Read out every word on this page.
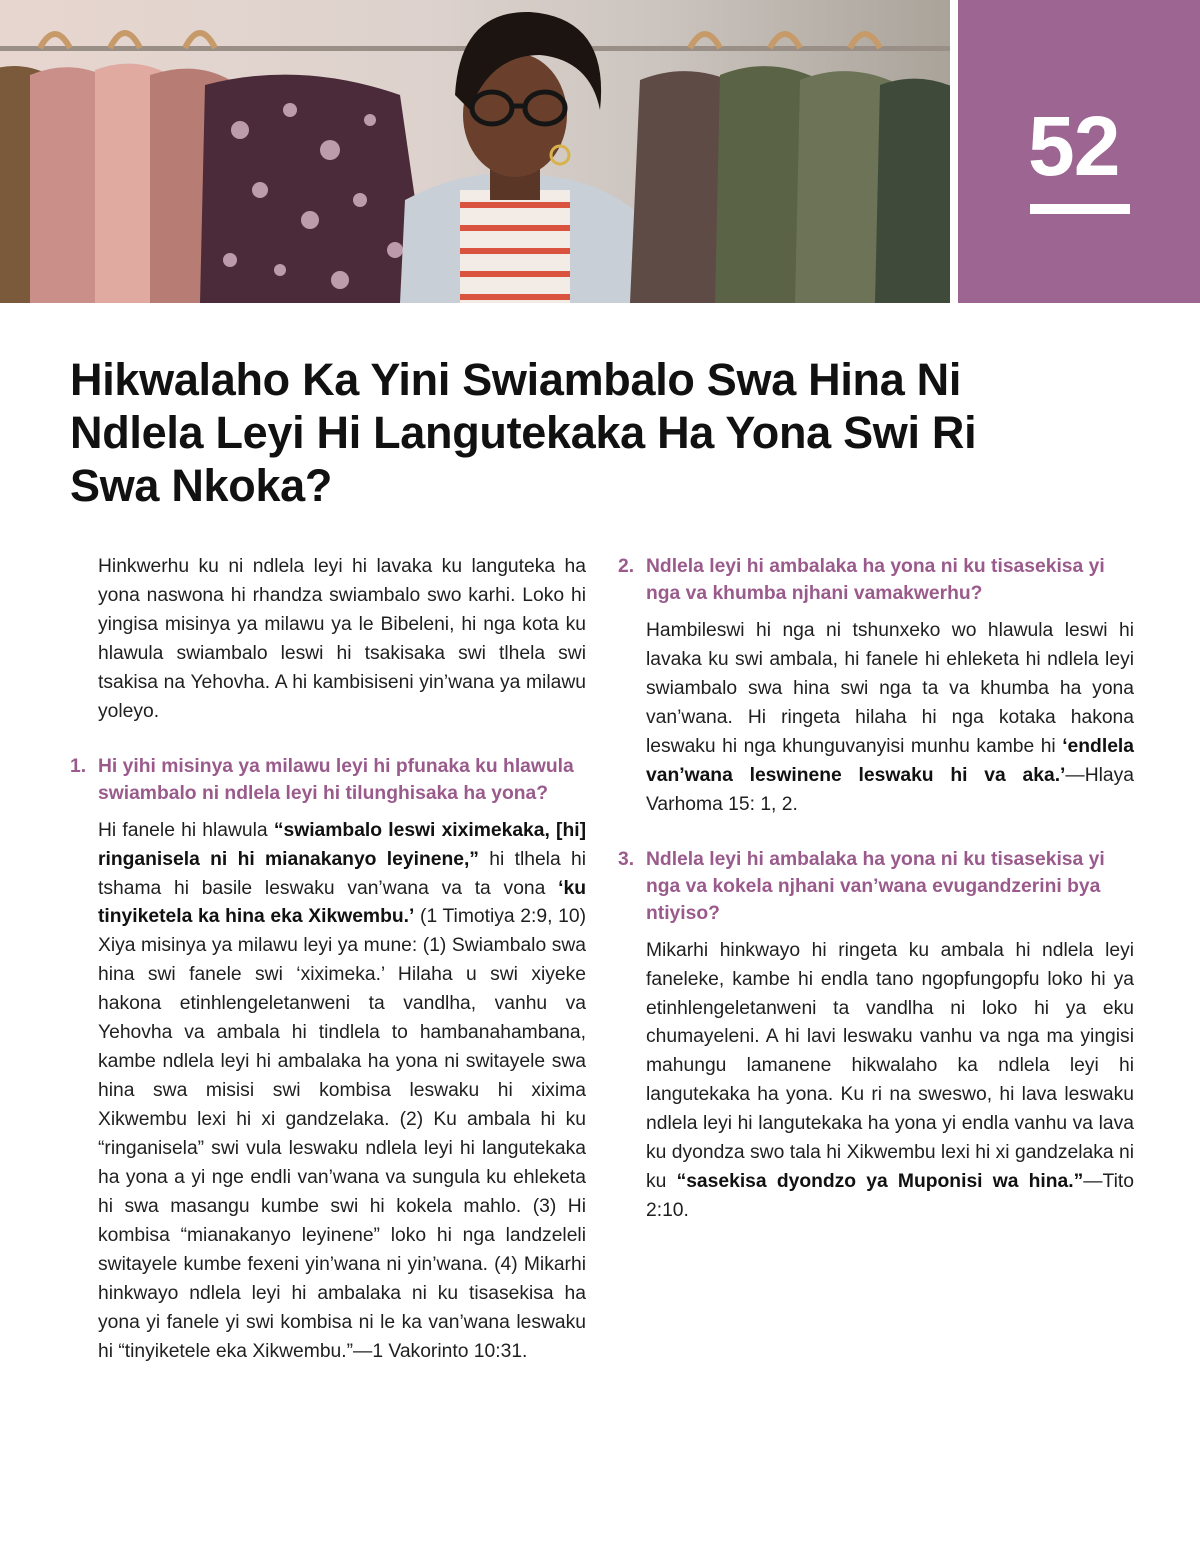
52
Hikwalaho Ka Yini Swiambalo Swa Hina Ni Ndlela Leyi Hi Langutekaka Ha Yona Swi Ri Swa Nkoka?

Hinkwerhu ku ni ndlela leyi hi lavaka ku languteka ha yona naswona hi rhandza swiambalo swo karhi. Loko hi yingisa misinya ya milawu ya le Bibeleni, hi nga kota ku hlawula swiambalo leswi hi tsakisaka swi tlhela swi tsakisa na Yehovha. A hi kambisiseni yin’wana ya milawu yoleyo.

1. Hi yihi misinya ya milawu leyi hi pfunaka ku hlawula swiambalo ni ndlela leyi hi tilunghisaka ha yona?

Hi fanele hi hlawula “swiambalo leswi xiximekaka, [hi] ringanisela ni hi mianakanyo leyinene,” hi tlhela hi tshama hi basile leswaku van’wana va ta vona ‘ku tinyiketela ka hina eka Xikwembu.’ (1 Timotiya 2:9, 10) Xiya misinya ya milawu leyi ya mune: (1) Swiambalo swa hina swi fanele swi ‘xiximeka.’ Hilaha u swi xiyeke hakona etinhlengeletanweni ta vandlha, vanhu va Yehovha va ambala hi tindlela to hambanahambana, kambe ndlela leyi hi ambalaka ha yona ni switayele swa hina swa misisi swi kombisa leswaku hi xixima Xikwembu lexi hi xi gandzelaka. (2) Ku ambala hi ku “ringanisela” swi vula leswaku ndlela leyi hi langutekaka ha yona a yi nge endli van’wana va sungula ku ehleketa hi swa masangu kumbe swi hi kokela mahlo. (3) Hi kombisa “mianakanyo leyinene” loko hi nga landzeleli switayele kumbe fexeni yin’wana ni yin’wana. (4) Mikarhi hinkwayo ndlela leyi hi ambalaka ni ku tisasekisa ha yona yi fanele yi swi kombisa ni le ka van’wana leswaku hi “tinyiketele eka Xikwembu.”—1 Vakorinto 10:31.

2. Ndlela leyi hi ambalaka ha yona ni ku tisasekisa yi nga va khumba njhani vamakwerhu?

Hambileswi hi nga ni tshunxeko wo hlawula leswi hi lavaka ku swi ambala, hi fanele hi ehleketa hi ndlela leyi swiambalo swa hina swi nga ta va khumba ha yona van’wana. Hi ringeta hilaha hi nga kotaka hakona leswaku hi nga khunguvanyisi munhu kambe hi ‘endlela van’wana leswinene leswaku hi va aka.’—Hlaya Varhoma 15: 1, 2.

3. Ndlela leyi hi ambalaka ha yona ni ku tisasekisa yi nga va kokela njhani van’wana evugandzerini bya ntiyiso?

Mikarhi hinkwayo hi ringeta ku ambala hi ndlela leyi faneleke, kambe hi endla tano ngopfungopfu loko hi ya etinhlengeletanweni ta vandlha ni loko hi ya eku chumayeleni. A hi lavi leswaku vanhu va nga ma yingisi mahungu lamanene hikwalaho ka ndlela leyi hi langutekaka ha yona. Ku ri na sweswo, hi lava leswaku ndlela leyi hi langutekaka ha yona yi endla vanhu va lava ku dyondza swo tala hi Xikwembu lexi hi xi gandzelaka ni ku “sasekisa dyondzo ya Muponisi wa hina.”—Tito 2:10.
